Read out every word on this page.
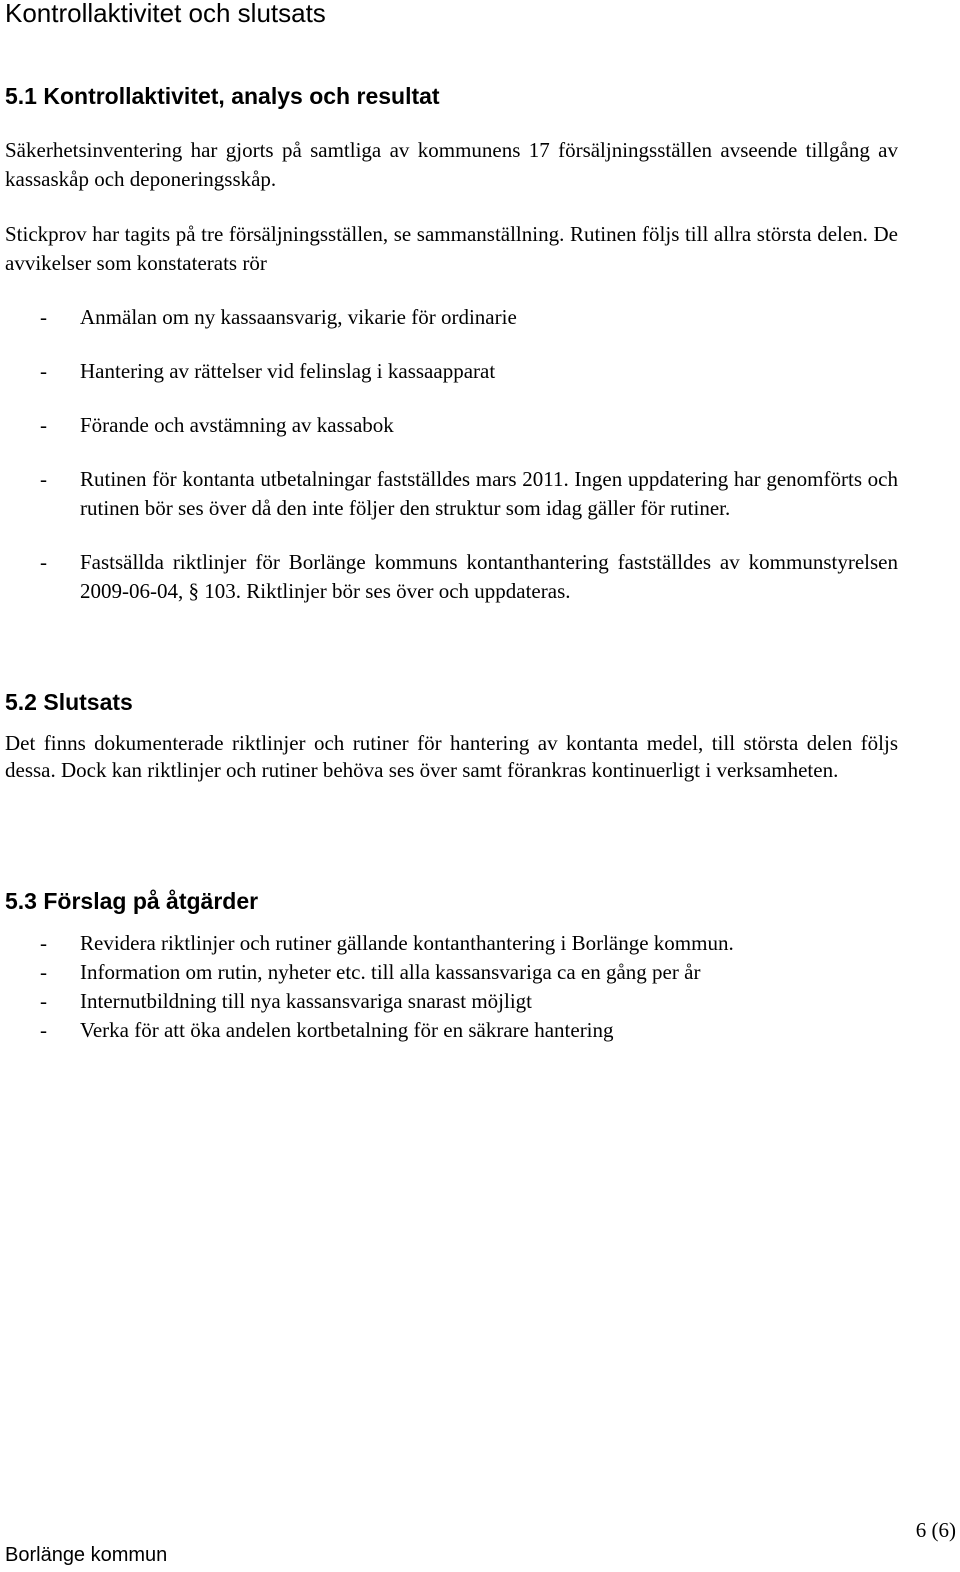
Kontrollaktivitet och slutsats
5.1 Kontrollaktivitet, analys och resultat

Säkerhetsinventering har gjorts på samtliga av kommunens 17 försäljningsställen avseende tillgång av kassaskåp och deponeringsskåp.

Stickprov har tagits på tre försäljningsställen, se sammanställning. Rutinen följs till allra största delen. De avvikelser som konstaterats rör

- Anmälan om ny kassaansvarig, vikarie för ordinarie
- Hantering av rättelser vid felinslag i kassaapparat
- Förande och avstämning av kassabok
- Rutinen för kontanta utbetalningar fastställdes mars 2011. Ingen uppdatering har genomförts och rutinen bör ses över då den inte följer den struktur som idag gäller för rutiner.
- Fastsällda riktlinjer för Borlänge kommuns kontanthantering fastställdes av kommunstyrelsen 2009-06-04, § 103. Riktlinjer bör ses över och uppdateras.
5.2 Slutsats

Det finns dokumenterade riktlinjer och rutiner för hantering av kontanta medel, till största delen följs dessa. Dock kan riktlinjer och rutiner behöva ses över samt förankras kontinuerligt i verksamheten.

5.3 Förslag på åtgärder
- Revidera riktlinjer och rutiner gällande kontanthantering i Borlänge kommun.
- Information om rutin, nyheter etc. till alla kassansvariga ca en gång per år
- Internutbildning till nya kassansvariga snarast möjligt
- Verka för att öka andelen kortbetalning för en säkrare hantering
6 (6)
Borlänge kommun
